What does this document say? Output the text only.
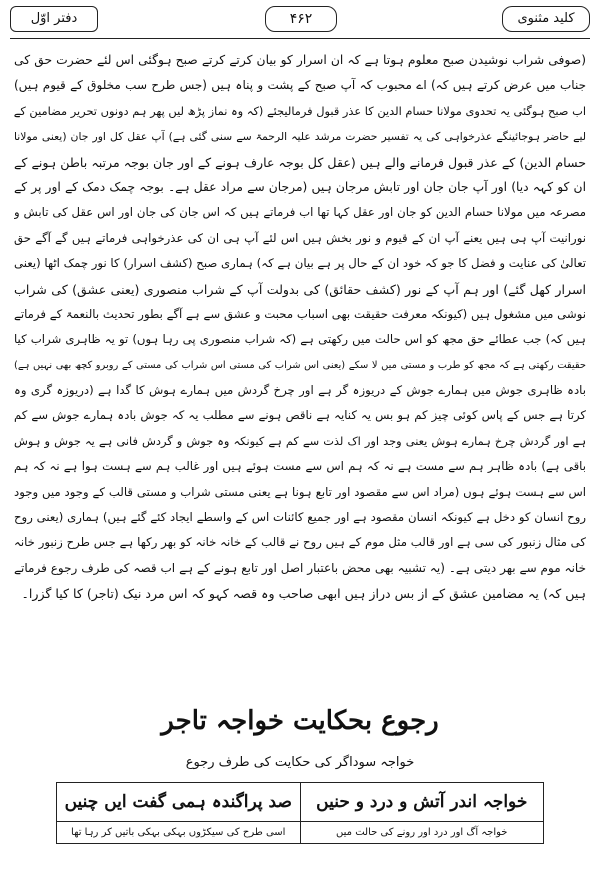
دفتر اوّل	۴۶۲	کلید مثنوی
(صوفی شراب نوشیدن صبح معلوم ہوتا ہے کہ ان اسرار کو بیان کرتے کرتے صبح ہوگئی اس لئے حضرت حق کی
جناب میں عرض کرتے ہیں کہ) اے محبوب کہ آپ صبح کے پشت و پناہ ہیں (جس طرح سب مخلوق کے قیوم ہیں)
اب صبح ہوگئی یہ تحدوی مولانا حسام الدین کا عذر قبول فرمالیجئے (کہ وہ نماز پڑھ لیں پھر ہم دونوں تحریر مضامین کے
لیے حاضر ہوجائینگے عذرخواہی کی یہ تفسیر حضرت مرشد علیہ الرحمۃ سے سنی گئی ہے) آپ عقل کل اور جان (یعنی مولانا
حسام الدین) کے عذر قبول فرمانے والے ہیں (عقل کل بوجہ عارف ہونے کے اور جان بوجہ مرتبہ باطن ہونے کے
ان کو کہہ دیا) اور آپ جان جان اور تابش مرجان ہیں (مرجان سے مراد عقل ہے۔ بوجہ چمک دمک کے اور پر کے
مصرعہ میں مولانا حسام الدین کو جان اور عقل کہا تھا اب فرماتے ہیں کہ اس جان کی جان اور اس عقل کی تابش و
نورانیت آپ ہی ہیں یعنے آپ ان کے قیوم و نور بخش ہیں اس لئے آپ ہی ان کی عذرخواہی فرماتے ہیں گے آگے حق
تعالیٰ کی عنایت و فضل کا جو کہ خود ان کے حال پر ہے بیان ہے کہ) ہماری صبح (کشف اسرار) کا نور چمک اٹھا (یعنی
اسرار کھل گئے) اور ہم آپ کے نور (کشف حقائق) کی بدولت آپ کے شراب منصوری (یعنی عشق) کی شراب
نوشی میں مشغول ہیں (کیونکہ معرفت حقیقت بھی اسباب محبت و عشق سے ہے آگے بطور تحدیث بالنعمۃ کے فرماتے
ہیں کہ) جب عطائے حق مجھ کو اس حالت میں رکھتی ہے (کہ شراب منصوری پی رہا ہوں) تو یہ ظاہری شراب کیا
حقیقت رکھتی ہے کہ مجھ کو طرب و مستی میں لا سکے (یعنی اس شراب کی مستی اس شراب کی مستی کے روبرو کچھ بھی نہیں ہے)
بادہ ظاہری جوش میں ہمارے جوش کے دریوزہ گر ہے اور چرخ گردش میں ہمارے ہوش کا گدا ہے (دریوزہ گری وہ
کرتا ہے جس کے پاس کوئی چیز کم ہو بس یہ کنایہ ہے ناقص ہونے سے مطلب یہ کہ جوش بادہ ہمارے جوش سے کم
ہے اور گردش چرخ ہمارے ہوش یعنی وجد اور اک لذت سے کم ہے کیونکہ وہ جوش و گردش فانی ہے یہ جوش و ہوش
باقی ہے) بادہ ظاہر ہم سے مست ہے نہ کہ ہم اس سے مست ہوئے ہیں اور غالب ہم سے ہست ہوا ہے نہ کہ ہم
اس سے ہست ہوئے ہوں (مراد اس سے مقصود اور تابع ہونا ہے یعنی مستی شراب و مستی قالب کے وجود میں وجود
روح انسان کو دخل ہے کیونکہ انسان مقصود ہے اور جمیع کائنات اس کے واسطے ایجاد کئے گئے ہیں) ہماری (یعنی روح
کی مثال زنبور کی سی ہے اور قالب مثل موم کے ہیں روح نے قالب کے خانہ خانہ کو بھر رکھا ہے جس طرح زنبور خانہ
خانہ موم سے بھر دیتی ہے۔ (یہ تشبیہ بھی محض باعتبار اصل اور تابع ہونے کے ہے اب قصہ کی طرف رجوع فرماتے
ہیں کہ) یہ مضامین عشق کے از بس دراز ہیں ابھی صاحب وہ قصہ کہو کہ اس مرد نیک (تاجر) کا کیا گزرا۔
رجوع بحکایت خواجہ تاجر
خواجہ سوداگر کی حکایت کی طرف رجوع
خواجہ اندر آتش و درد و حنیں
صد پراگندہ ہمی گفت ایں چنیں
خواجہ آگ اور درد اور رونے کی حالت میں
اسی طرح کی سیکڑوں بہکی بہکی باتیں کر رہا تھا
